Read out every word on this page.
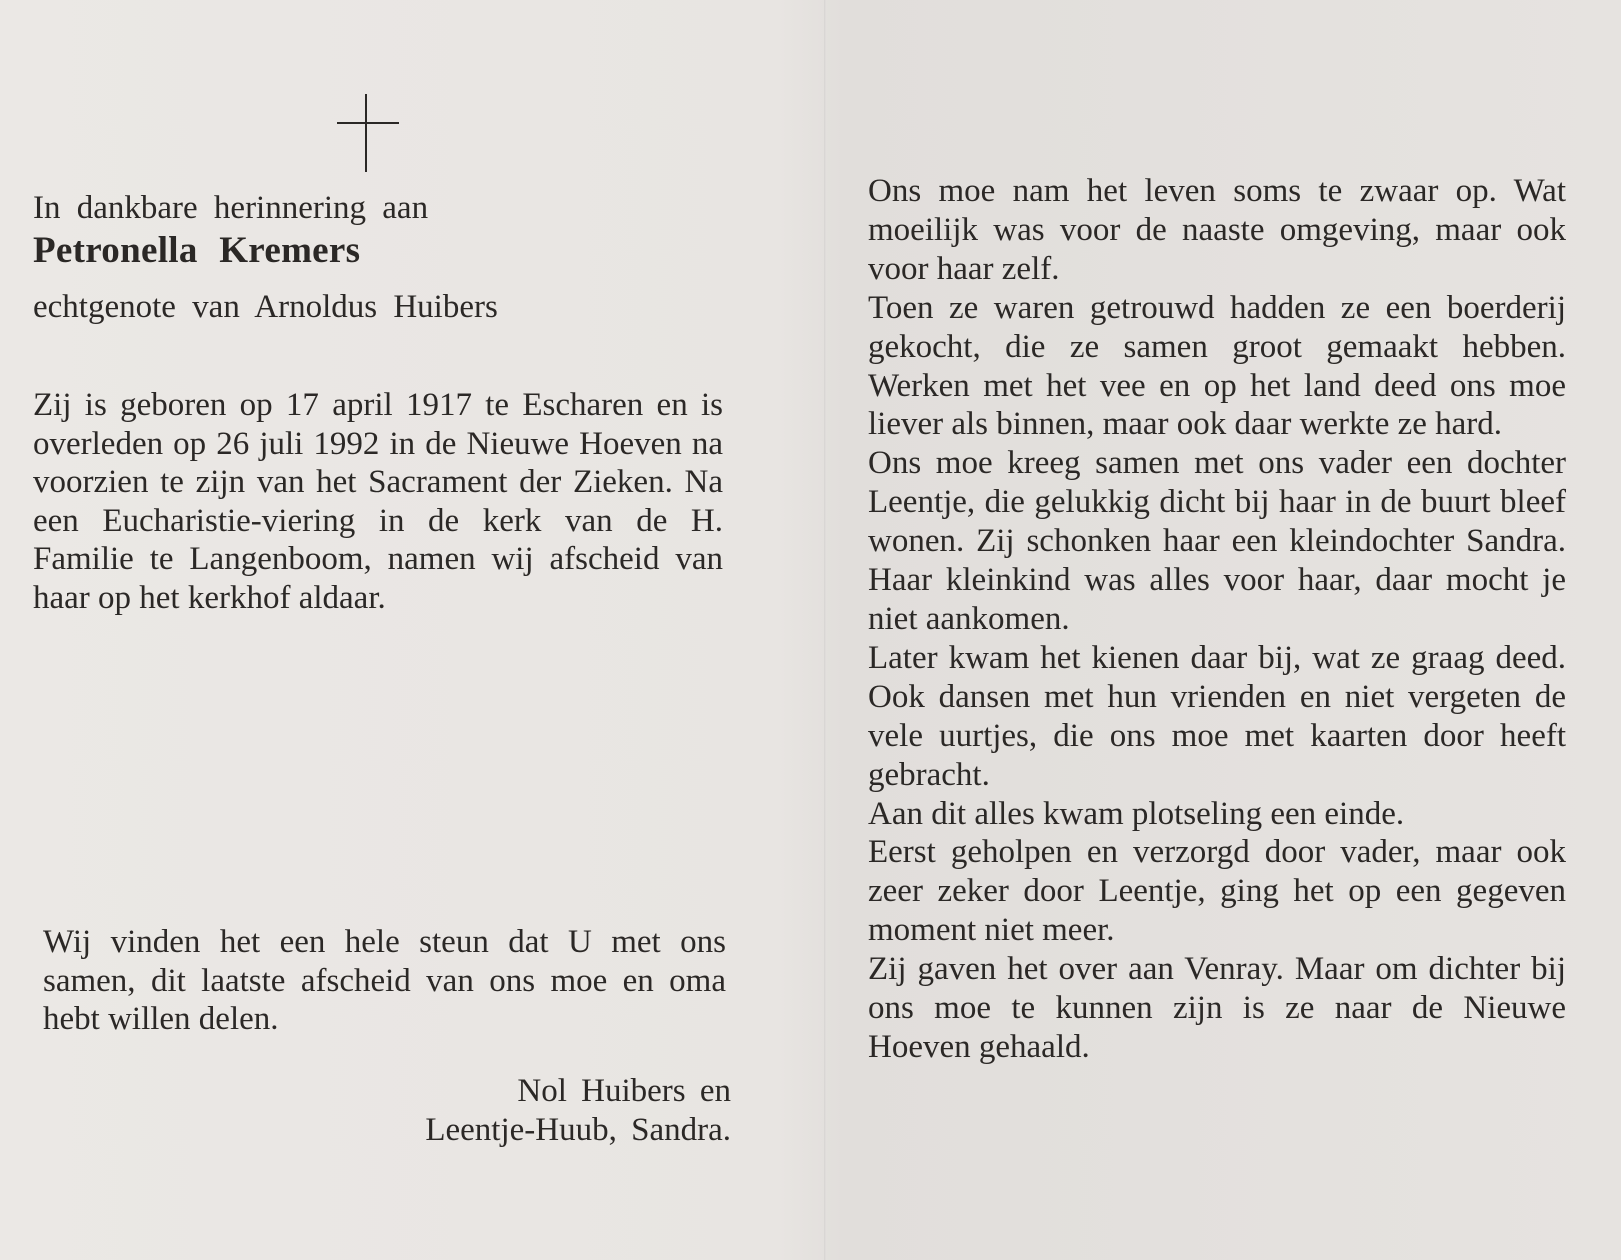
In dankbare herinnering aan
Petronella Kremers
echtgenote van Arnoldus Huibers
Zij is geboren op 17 april 1917 te Escharen en is overleden op 26 juli 1992 in de Nieuwe Hoeven na voorzien te zijn van het Sacrament der Zieken. Na een Eucharistie-viering in de kerk van de H. Familie te Langenboom, namen wij afscheid van haar op het kerkhof aldaar.
Wij vinden het een hele steun dat U met ons samen, dit laatste afscheid van ons moe en oma hebt willen delen.
Nol Huibers en
Leentje-Huub, Sandra.

Ons moe nam het leven soms te zwaar op. Wat moeilijk was voor de naaste omgeving, maar ook voor haar zelf.

Toen ze waren getrouwd hadden ze een boerderij gekocht, die ze samen groot gemaakt hebben. Werken met het vee en op het land deed ons moe liever als binnen, maar ook daar werkte ze hard.

Ons moe kreeg samen met ons vader een dochter Leentje, die gelukkig dicht bij haar in de buurt bleef wonen. Zij schonken haar een kleindochter Sandra. Haar kleinkind was alles voor haar, daar mocht je niet aankomen.

Later kwam het kienen daar bij, wat ze graag deed. Ook dansen met hun vrienden en niet vergeten de vele uurtjes, die ons moe met kaarten door heeft gebracht.

Aan dit alles kwam plotseling een einde.

Eerst geholpen en verzorgd door vader, maar ook zeer zeker door Leentje, ging het op een gegeven moment niet meer.

Zij gaven het over aan Venray. Maar om dichter bij ons moe te kunnen zijn is ze naar de Nieuwe Hoeven gehaald.
